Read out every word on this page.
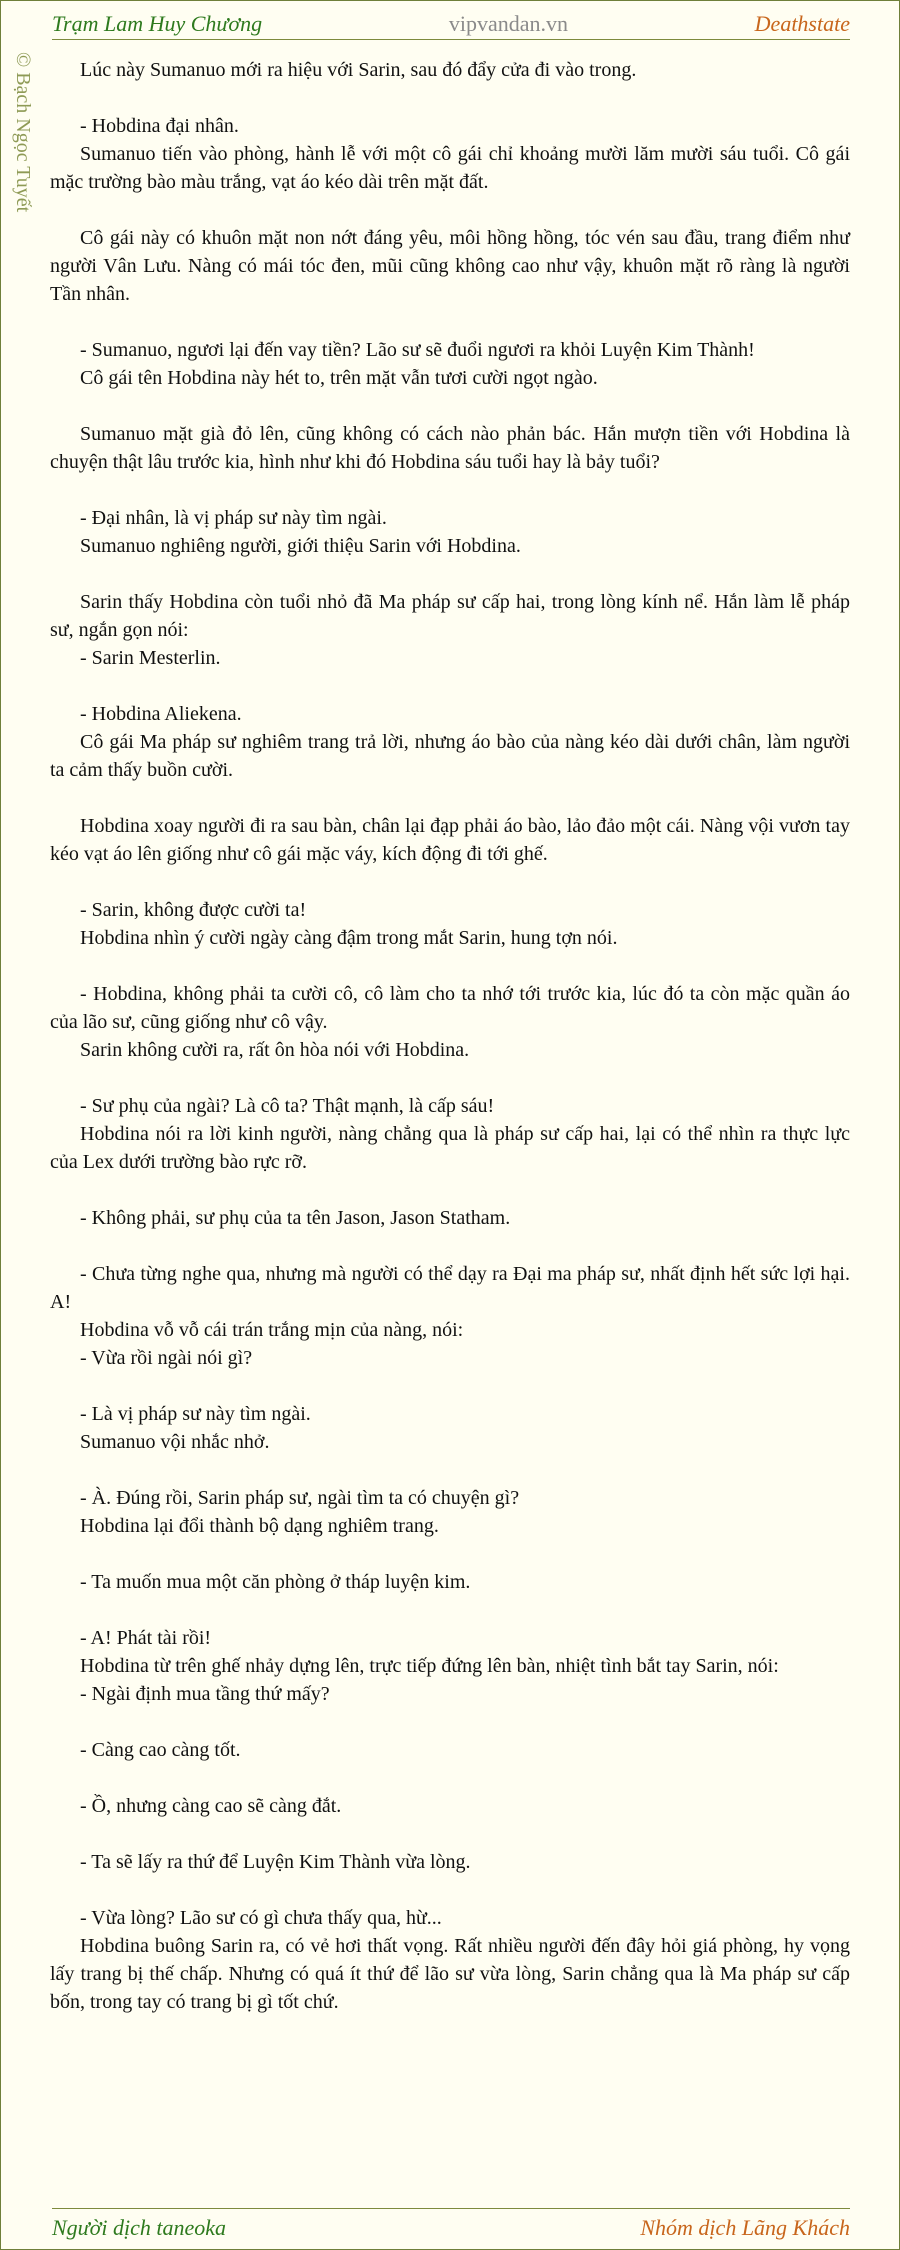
Trạm Lam Huy Chương	vipvandan.vn	Deathstate
© Bạch Ngọc Tuyết	Lúc này Sumanuo mới ra hiệu với Sarin, sau đó đẩy cửa đi vào trong.

- Hobdina đại nhân.

Sumanuo tiến vào phòng, hành lễ với một cô gái chỉ khoảng mười lăm mười sáu tuổi. Cô gái mặc trường bào màu trắng, vạt áo kéo dài trên mặt đất.

Cô gái này có khuôn mặt non nớt đáng yêu, môi hồng hồng, tóc vén sau đầu, trang điểm như người Vân Lưu. Nàng có mái tóc đen, mũi cũng không cao như vậy, khuôn mặt rõ ràng là người Tần nhân.

- Sumanuo, ngươi lại đến vay tiền? Lão sư sẽ đuổi ngươi ra khỏi Luyện Kim Thành!

Cô gái tên Hobdina này hét to, trên mặt vẫn tươi cười ngọt ngào.

Sumanuo mặt già đỏ lên, cũng không có cách nào phản bác. Hắn mượn tiền với Hobdina là chuyện thật lâu trước kia, hình như khi đó Hobdina sáu tuổi hay là bảy tuổi?

- Đại nhân, là vị pháp sư này tìm ngài.

Sumanuo nghiêng người, giới thiệu Sarin với Hobdina.

Sarin thấy Hobdina còn tuổi nhỏ đã Ma pháp sư cấp hai, trong lòng kính nể. Hắn làm lễ pháp sư, ngắn gọn nói:

- Sarin Mesterlin.

- Hobdina Aliekena.

Cô gái Ma pháp sư nghiêm trang trả lời, nhưng áo bào của nàng kéo dài dưới chân, làm người ta cảm thấy buồn cười.

Hobdina xoay người đi ra sau bàn, chân lại đạp phải áo bào, lảo đảo một cái. Nàng vội vươn tay kéo vạt áo lên giống như cô gái mặc váy, kích động đi tới ghế.

- Sarin, không được cười ta!

Hobdina nhìn ý cười ngày càng đậm trong mắt Sarin, hung tợn nói.

- Hobdina, không phải ta cười cô, cô làm cho ta nhớ tới trước kia, lúc đó ta còn mặc quần áo của lão sư, cũng giống như cô vậy.

Sarin không cười ra, rất ôn hòa nói với Hobdina.

- Sư phụ của ngài? Là cô ta? Thật mạnh, là cấp sáu!

Hobdina nói ra lời kinh người, nàng chẳng qua là pháp sư cấp hai, lại có thể nhìn ra thực lực của Lex dưới trường bào rực rỡ.

- Không phải, sư phụ của ta tên Jason, Jason Statham.

- Chưa từng nghe qua, nhưng mà người có thể dạy ra Đại ma pháp sư, nhất định hết sức lợi hại. A!

Hobdina vỗ vỗ cái trán trắng mịn của nàng, nói:

- Vừa rồi ngài nói gì?

- Là vị pháp sư này tìm ngài.

Sumanuo vội nhắc nhở.

- À. Đúng rồi, Sarin pháp sư, ngài tìm ta có chuyện gì?

Hobdina lại đổi thành bộ dạng nghiêm trang.

- Ta muốn mua một căn phòng ở tháp luyện kim.

- A! Phát tài rồi!

Hobdina từ trên ghế nhảy dựng lên, trực tiếp đứng lên bàn, nhiệt tình bắt tay Sarin, nói:

- Ngài định mua tầng thứ mấy?

- Càng cao càng tốt.

- Ồ, nhưng càng cao sẽ càng đắt.

- Ta sẽ lấy ra thứ để Luyện Kim Thành vừa lòng.

- Vừa lòng? Lão sư có gì chưa thấy qua, hừ...

Hobdina buông Sarin ra, có vẻ hơi thất vọng. Rất nhiều người đến đây hỏi giá phòng, hy vọng lấy trang bị thế chấp. Nhưng có quá ít thứ để lão sư vừa lòng, Sarin chẳng qua là Ma pháp sư cấp bốn, trong tay có trang bị gì tốt chứ.

Người dịch taneoka	Nhóm dịch Lãng Khách
